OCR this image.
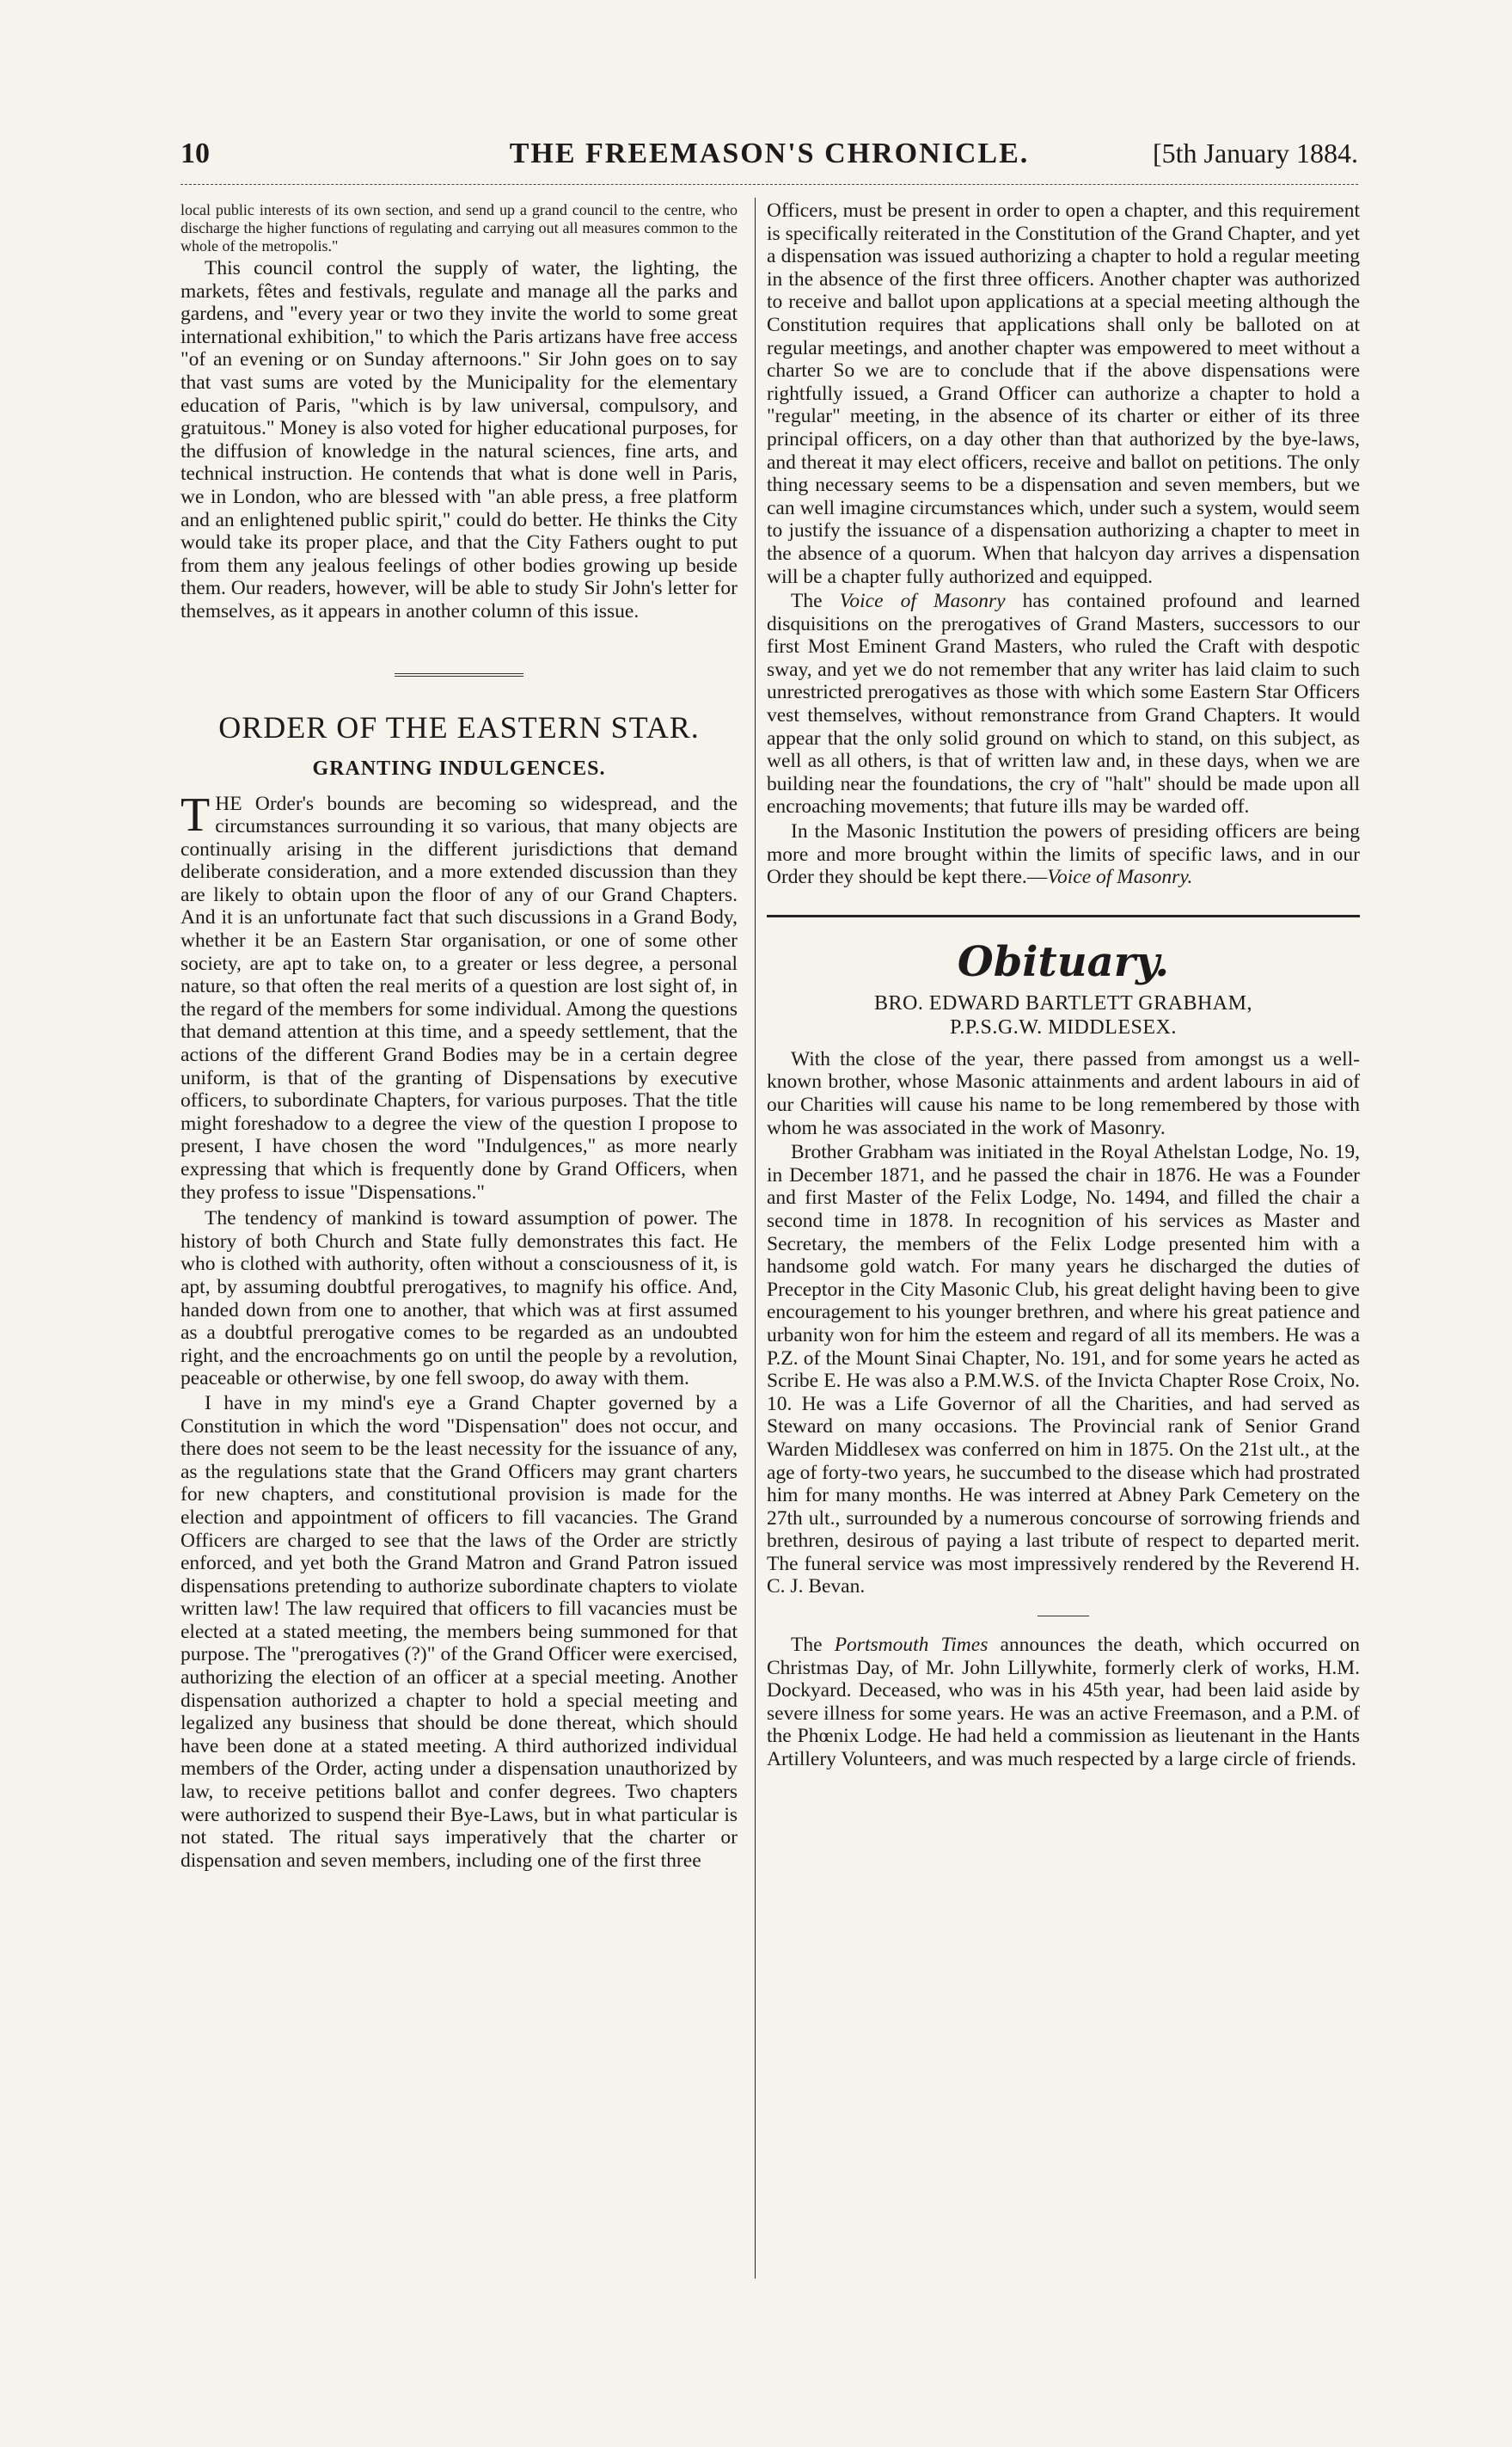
10	THE FREEMASON'S CHRONICLE.	[5th January 1884.

local public interests of its own section, and send up a grand council to the centre, who discharge the higher functions of regulating and carrying out all measures common to the whole of the metropolis."

This council control the supply of water, the lighting, the markets, fêtes and festivals, regulate and manage all the parks and gardens, and "every year or two they invite the world to some great international exhibition," to which the Paris artizans have free access "of an evening or on Sunday afternoons." Sir John goes on to say that vast sums are voted by the Municipality for the elementary education of Paris, "which is by law universal, compulsory, and gratuitous." Money is also voted for higher educational purposes, for the diffusion of knowledge in the natural sciences, fine arts, and technical instruction. He contends that what is done well in Paris, we in London, who are blessed with "an able press, a free platform and an enlightened public spirit," could do better. He thinks the City would take its proper place, and that the City Fathers ought to put from them any jealous feelings of other bodies growing up beside them. Our readers, however, will be able to study Sir John's letter for themselves, as it appears in another column of this issue.

ORDER OF THE EASTERN STAR.
GRANTING INDULGENCES.

THE Order's bounds are becoming so widespread, and the circumstances surrounding it so various, that many objects are continually arising in the different jurisdictions that demand deliberate consideration, and a more extended discussion than they are likely to obtain upon the floor of any of our Grand Chapters. And it is an unfortunate fact that such discussions in a Grand Body, whether it be an Eastern Star organisation, or one of some other society, are apt to take on, to a greater or less degree, a personal nature, so that often the real merits of a question are lost sight of, in the regard of the members for some individual. Among the questions that demand attention at this time, and a speedy settlement, that the actions of the different Grand Bodies may be in a certain degree uniform, is that of the granting of Dispensations by executive officers, to subordinate Chapters, for various purposes. That the title might foreshadow to a degree the view of the question I propose to present, I have chosen the word "Indulgences," as more nearly expressing that which is frequently done by Grand Officers, when they profess to issue "Dispensations."

The tendency of mankind is toward assumption of power. The history of both Church and State fully demonstrates this fact. He who is clothed with authority, often without a consciousness of it, is apt, by assuming doubtful prerogatives, to magnify his office. And, handed down from one to another, that which was at first assumed as a doubtful prerogative comes to be regarded as an undoubted right, and the encroachments go on until the people by a revolution, peaceable or otherwise, by one fell swoop, do away with them.

I have in my mind's eye a Grand Chapter governed by a Constitution in which the word "Dispensation" does not occur, and there does not seem to be the least necessity for the issuance of any, as the regulations state that the Grand Officers may grant charters for new chapters, and constitutional provision is made for the election and appointment of officers to fill vacancies. The Grand Officers are charged to see that the laws of the Order are strictly enforced, and yet both the Grand Matron and Grand Patron issued dispensations pretending to authorize subordinate chapters to violate written law! The law required that officers to fill vacancies must be elected at a stated meeting, the members being summoned for that purpose. The "prerogatives (?)" of the Grand Officer were exercised, authorizing the election of an officer at a special meeting. Another dispensation authorized a chapter to hold a special meeting and legalized any business that should be done thereat, which should have been done at a stated meeting. A third authorized individual members of the Order, acting under a dispensation unauthorized by law, to receive petitions ballot and confer degrees. Two chapters were authorized to suspend their Bye-Laws, but in what particular is not stated. The ritual says imperatively that the charter or dispensation and seven members, including one of the first three

Officers, must be present in order to open a chapter, and this requirement is specifically reiterated in the Constitution of the Grand Chapter, and yet a dispensation was issued authorizing a chapter to hold a regular meeting in the absence of the first three officers. Another chapter was authorized to receive and ballot upon applications at a special meeting although the Constitution requires that applications shall only be balloted on at regular meetings, and another chapter was empowered to meet without a charter So we are to conclude that if the above dispensations were rightfully issued, a Grand Officer can authorize a chapter to hold a "regular" meeting, in the absence of its charter or either of its three principal officers, on a day other than that authorized by the bye-laws, and thereat it may elect officers, receive and ballot on petitions. The only thing necessary seems to be a dispensation and seven members, but we can well imagine circumstances which, under such a system, would seem to justify the issuance of a dispensation authorizing a chapter to meet in the absence of a quorum. When that halcyon day arrives a dispensation will be a chapter fully authorized and equipped.

The Voice of Masonry has contained profound and learned disquisitions on the prerogatives of Grand Masters, successors to our first Most Eminent Grand Masters, who ruled the Craft with despotic sway, and yet we do not remember that any writer has laid claim to such unrestricted prerogatives as those with which some Eastern Star Officers vest themselves, without remonstrance from Grand Chapters. It would appear that the only solid ground on which to stand, on this subject, as well as all others, is that of written law and, in these days, when we are building near the foundations, the cry of "halt" should be made upon all encroaching movements; that future ills may be warded off.

In the Masonic Institution the powers of presiding officers are being more and more brought within the limits of specific laws, and in our Order they should be kept there.—Voice of Masonry.

Obituary.

BRO. EDWARD BARTLETT GRABHAM,

P.P.S.G.W. MIDDLESEX.

With the close of the year, there passed from amongst us a well-known brother, whose Masonic attainments and ardent labours in aid of our Charities will cause his name to be long remembered by those with whom he was associated in the work of Masonry.

Brother Grabham was initiated in the Royal Athelstan Lodge, No. 19, in December 1871, and he passed the chair in 1876. He was a Founder and first Master of the Felix Lodge, No. 1494, and filled the chair a second time in 1878. In recognition of his services as Master and Secretary, the members of the Felix Lodge presented him with a handsome gold watch. For many years he discharged the duties of Preceptor in the City Masonic Club, his great delight having been to give encouragement to his younger brethren, and where his great patience and urbanity won for him the esteem and regard of all its members. He was a P.Z. of the Mount Sinai Chapter, No. 191, and for some years he acted as Scribe E. He was also a P.M.W.S. of the Invicta Chapter Rose Croix, No. 10. He was a Life Governor of all the Charities, and had served as Steward on many occasions. The Provincial rank of Senior Grand Warden Middlesex was conferred on him in 1875. On the 21st ult., at the age of forty-two years, he succumbed to the disease which had prostrated him for many months. He was interred at Abney Park Cemetery on the 27th ult., surrounded by a numerous concourse of sorrowing friends and brethren, desirous of paying a last tribute of respect to departed merit. The funeral service was most impressively rendered by the Reverend H. C. J. Bevan.

The Portsmouth Times announces the death, which occurred on Christmas Day, of Mr. John Lillywhite, formerly clerk of works, H.M. Dockyard. Deceased, who was in his 45th year, had been laid aside by severe illness for some years. He was an active Freemason, and a P.M. of the Phœnix Lodge. He had held a commission as lieutenant in the Hants Artillery Volunteers, and was much respected by a large circle of friends.
